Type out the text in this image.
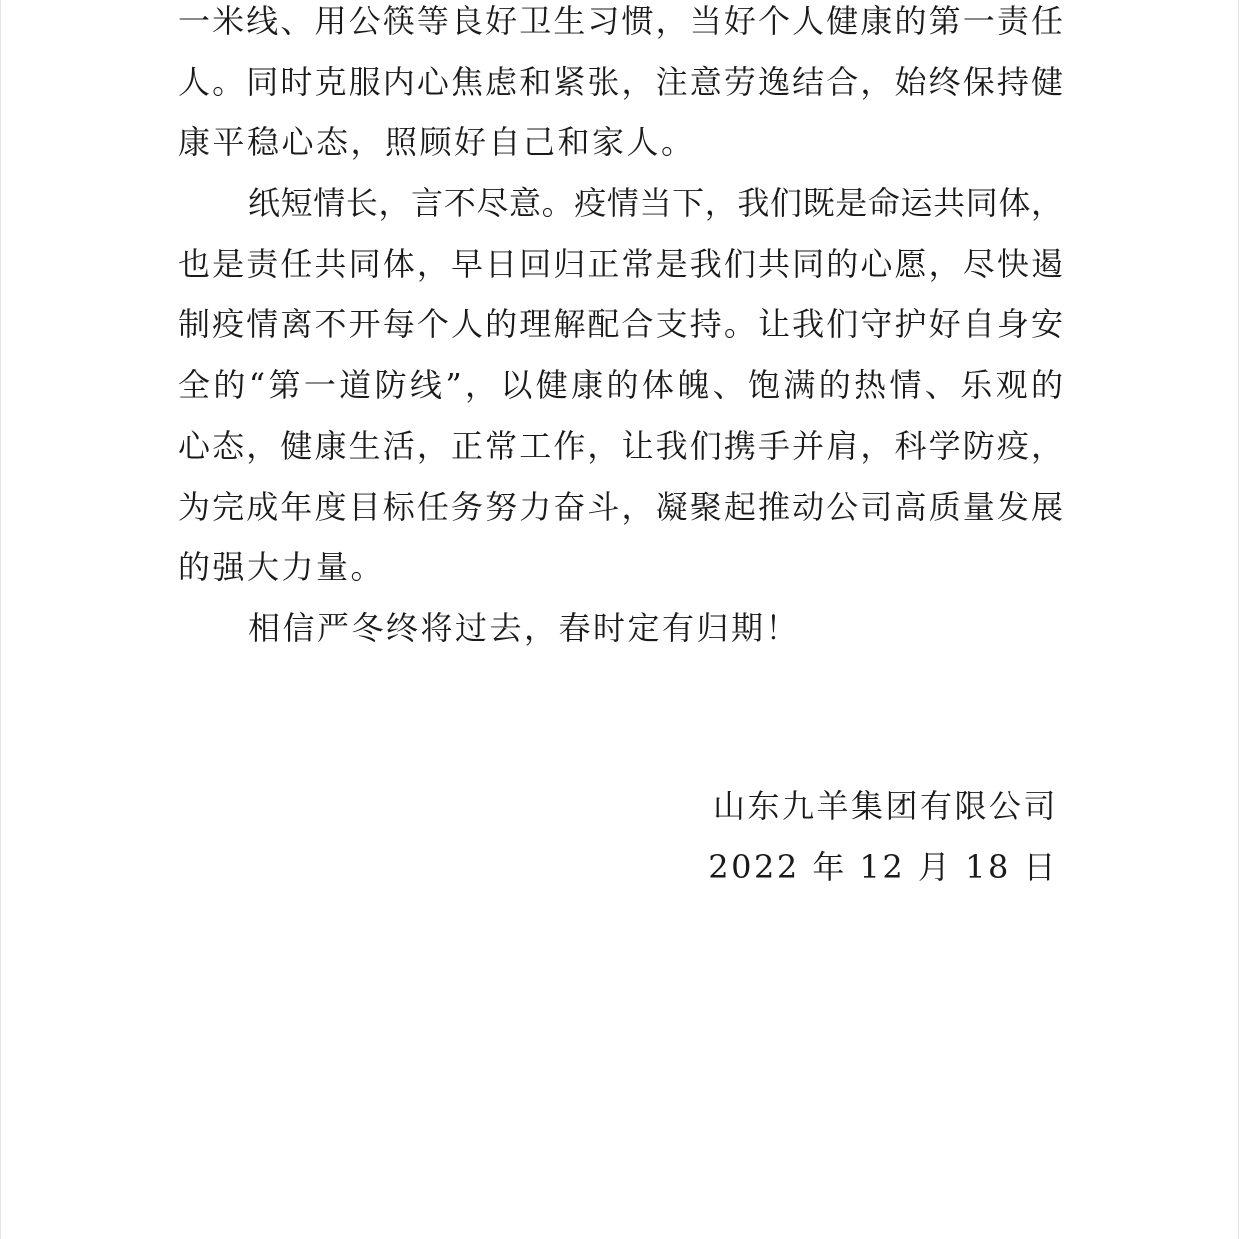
一米线、用公筷等良好卫生习惯，当好个人健康的第一责任
人。同时克服内心焦虑和紧张，注意劳逸结合，始终保持健
康平稳心态，照顾好自己和家人。
纸短情长，言不尽意。疫情当下，我们既是命运共同体，
也是责任共同体，早日回归正常是我们共同的心愿，尽快遏
制疫情离不开每个人的理解配合支持。让我们守护好自身安
全的“第一道防线”，以健康的体魄、饱满的热情、乐观的
心态，健康生活，正常工作，让我们携手并肩，科学防疫，
为完成年度目标任务努力奋斗，凝聚起推动公司高质量发展
的强大力量。
相信严冬终将过去，春时定有归期！
山东九羊集团有限公司
2022 年 12 月 18 日
